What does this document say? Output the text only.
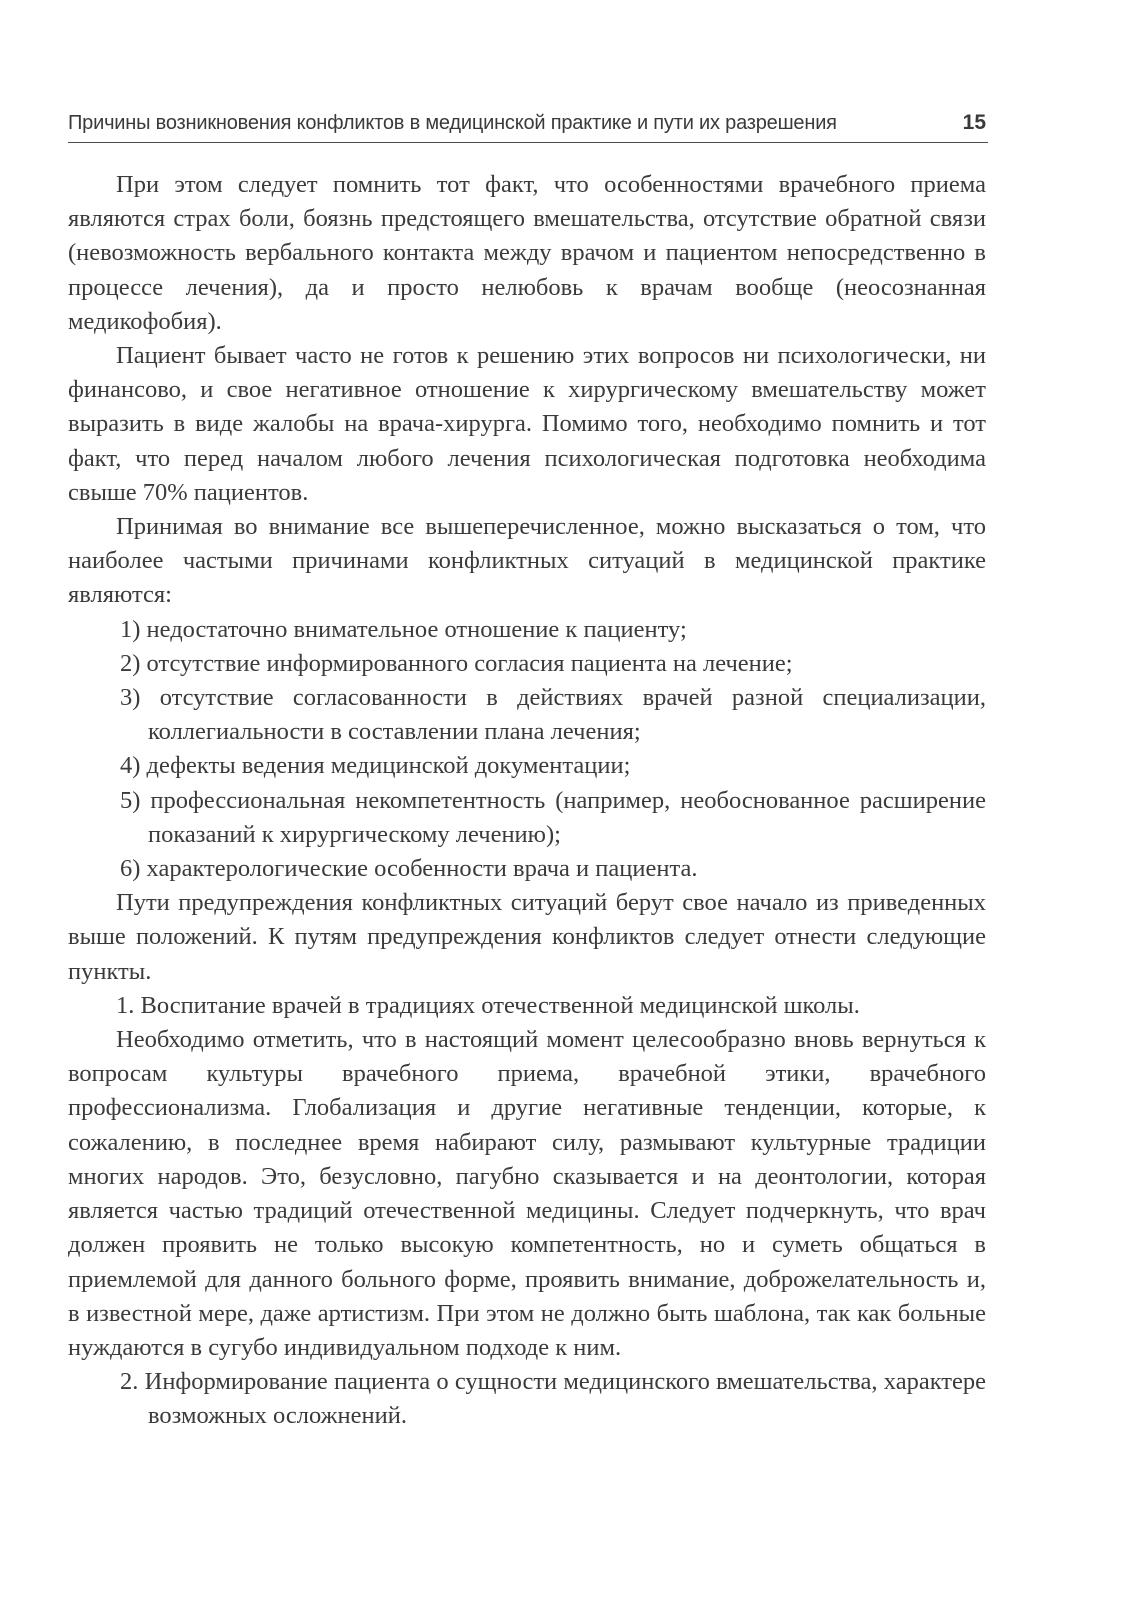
Причины возникновения конфликтов в медицинской практике и пути их разрешения	15

При этом следует помнить тот факт, что особенностями врачебного приема являются страх боли, боязнь предстоящего вмешательства, отсутствие обратной связи (невозможность вербального контакта между врачом и пациентом непосредственно в процессе лечения), да и просто нелюбовь к врачам вообще (неосознанная медикофобия).

Пациент бывает часто не готов к решению этих вопросов ни психологически, ни финансово, и свое негативное отношение к хирургическому вмешательству может выразить в виде жалобы на врача-хирурга. Помимо того, необходимо помнить и тот факт, что перед началом любого лечения психологическая подготовка необходима свыше 70% пациентов.

Принимая во внимание все вышеперечисленное, можно высказаться о том, что наиболее частыми причинами конфликтных ситуаций в медицинской практике являются:

1) недостаточно внимательное отношение к пациенту;

2) отсутствие информированного согласия пациента на лечение;

3) отсутствие согласованности в действиях врачей разной специализации, коллегиальности в составлении плана лечения;

4) дефекты ведения медицинской документации;

5) профессиональная некомпетентность (например, необоснованное расширение показаний к хирургическому лечению);

6) характерологические особенности врача и пациента.

Пути предупреждения конфликтных ситуаций берут свое начало из приведенных выше положений. К путям предупреждения конфликтов следует отнести следующие пункты.

1. Воспитание врачей в традициях отечественной медицинской школы.

Необходимо отметить, что в настоящий момент целесообразно вновь вернуться к вопросам культуры врачебного приема, врачебной этики, врачебного профессионализма. Глобализация и другие негативные тенденции, которые, к сожалению, в последнее время набирают силу, размывают культурные традиции многих народов. Это, безусловно, пагубно сказывается и на деонтологии, которая является частью традиций отечественной медицины. Следует подчеркнуть, что врач должен проявить не только высокую компетентность, но и суметь общаться в приемлемой для данного больного форме, проявить внимание, доброжелательность и, в известной мере, даже артистизм. При этом не должно быть шаблона, так как больные нуждаются в сугубо индивидуальном подходе к ним.

2. Информирование пациента о сущности медицинского вмешательства, характере возможных осложнений.
